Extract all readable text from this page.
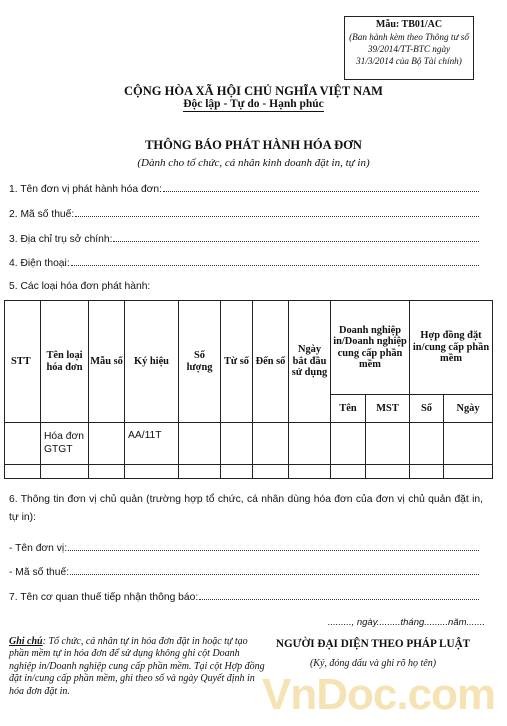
Mẫu: TB01/AC
(Ban hành kèm theo Thông tư số 39/2014/TT-BTC ngày 31/3/2014 của Bộ Tài chính)
CỘNG HÒA XÃ HỘI CHỦ NGHĨA VIỆT NAM
Độc lập - Tự do - Hạnh phúc
THÔNG BÁO PHÁT HÀNH HÓA ĐƠN
(Dành cho tổ chức, cá nhân kinh doanh đặt in, tự in)
1. Tên đơn vị phát hành hóa đơn:
2. Mã số thuế:
3. Địa chỉ trụ sở chính:
4. Điện thoại:
5. Các loại hóa đơn phát hành:
STT	Tên loại hóa đơn	Mẫu số	Ký hiệu	Số lượng	Từ số	Đến số	Ngày bắt đầu sử dụng	Doanh nghiệp in/Doanh nghiệp cung cấp phần mềm		Hợp đồng đặt in/cung cấp phần mềm	
								Tên	MST	Số	Ngày
	Hóa đơn GTGT		AA/11T								

6. Thông tin đơn vị chủ quản (trường hợp tổ chức, cá nhân dùng hóa đơn của đơn vị chủ quản đặt in, tự in):
- Tên đơn vị:
- Mã số thuế:
7. Tên cơ quan thuế tiếp nhận thông báo:
........., ngày.........tháng.........năm.......
Ghi chú: Tổ chức, cá nhân tự in hóa đơn đặt in hoặc tự tạo phần mềm tự in hóa đơn để sử dụng không ghi cột Doanh nghiệp in/Doanh nghiệp cung cấp phần mềm. Tại cột Hợp đồng đặt in/cung cấp phần mềm, ghi theo số và ngày Quyết định in hóa đơn đặt in.
NGƯỜI ĐẠI DIỆN THEO PHÁP LUẬT
(Ký, đóng dấu và ghi rõ họ tên)
VnDoc.com
